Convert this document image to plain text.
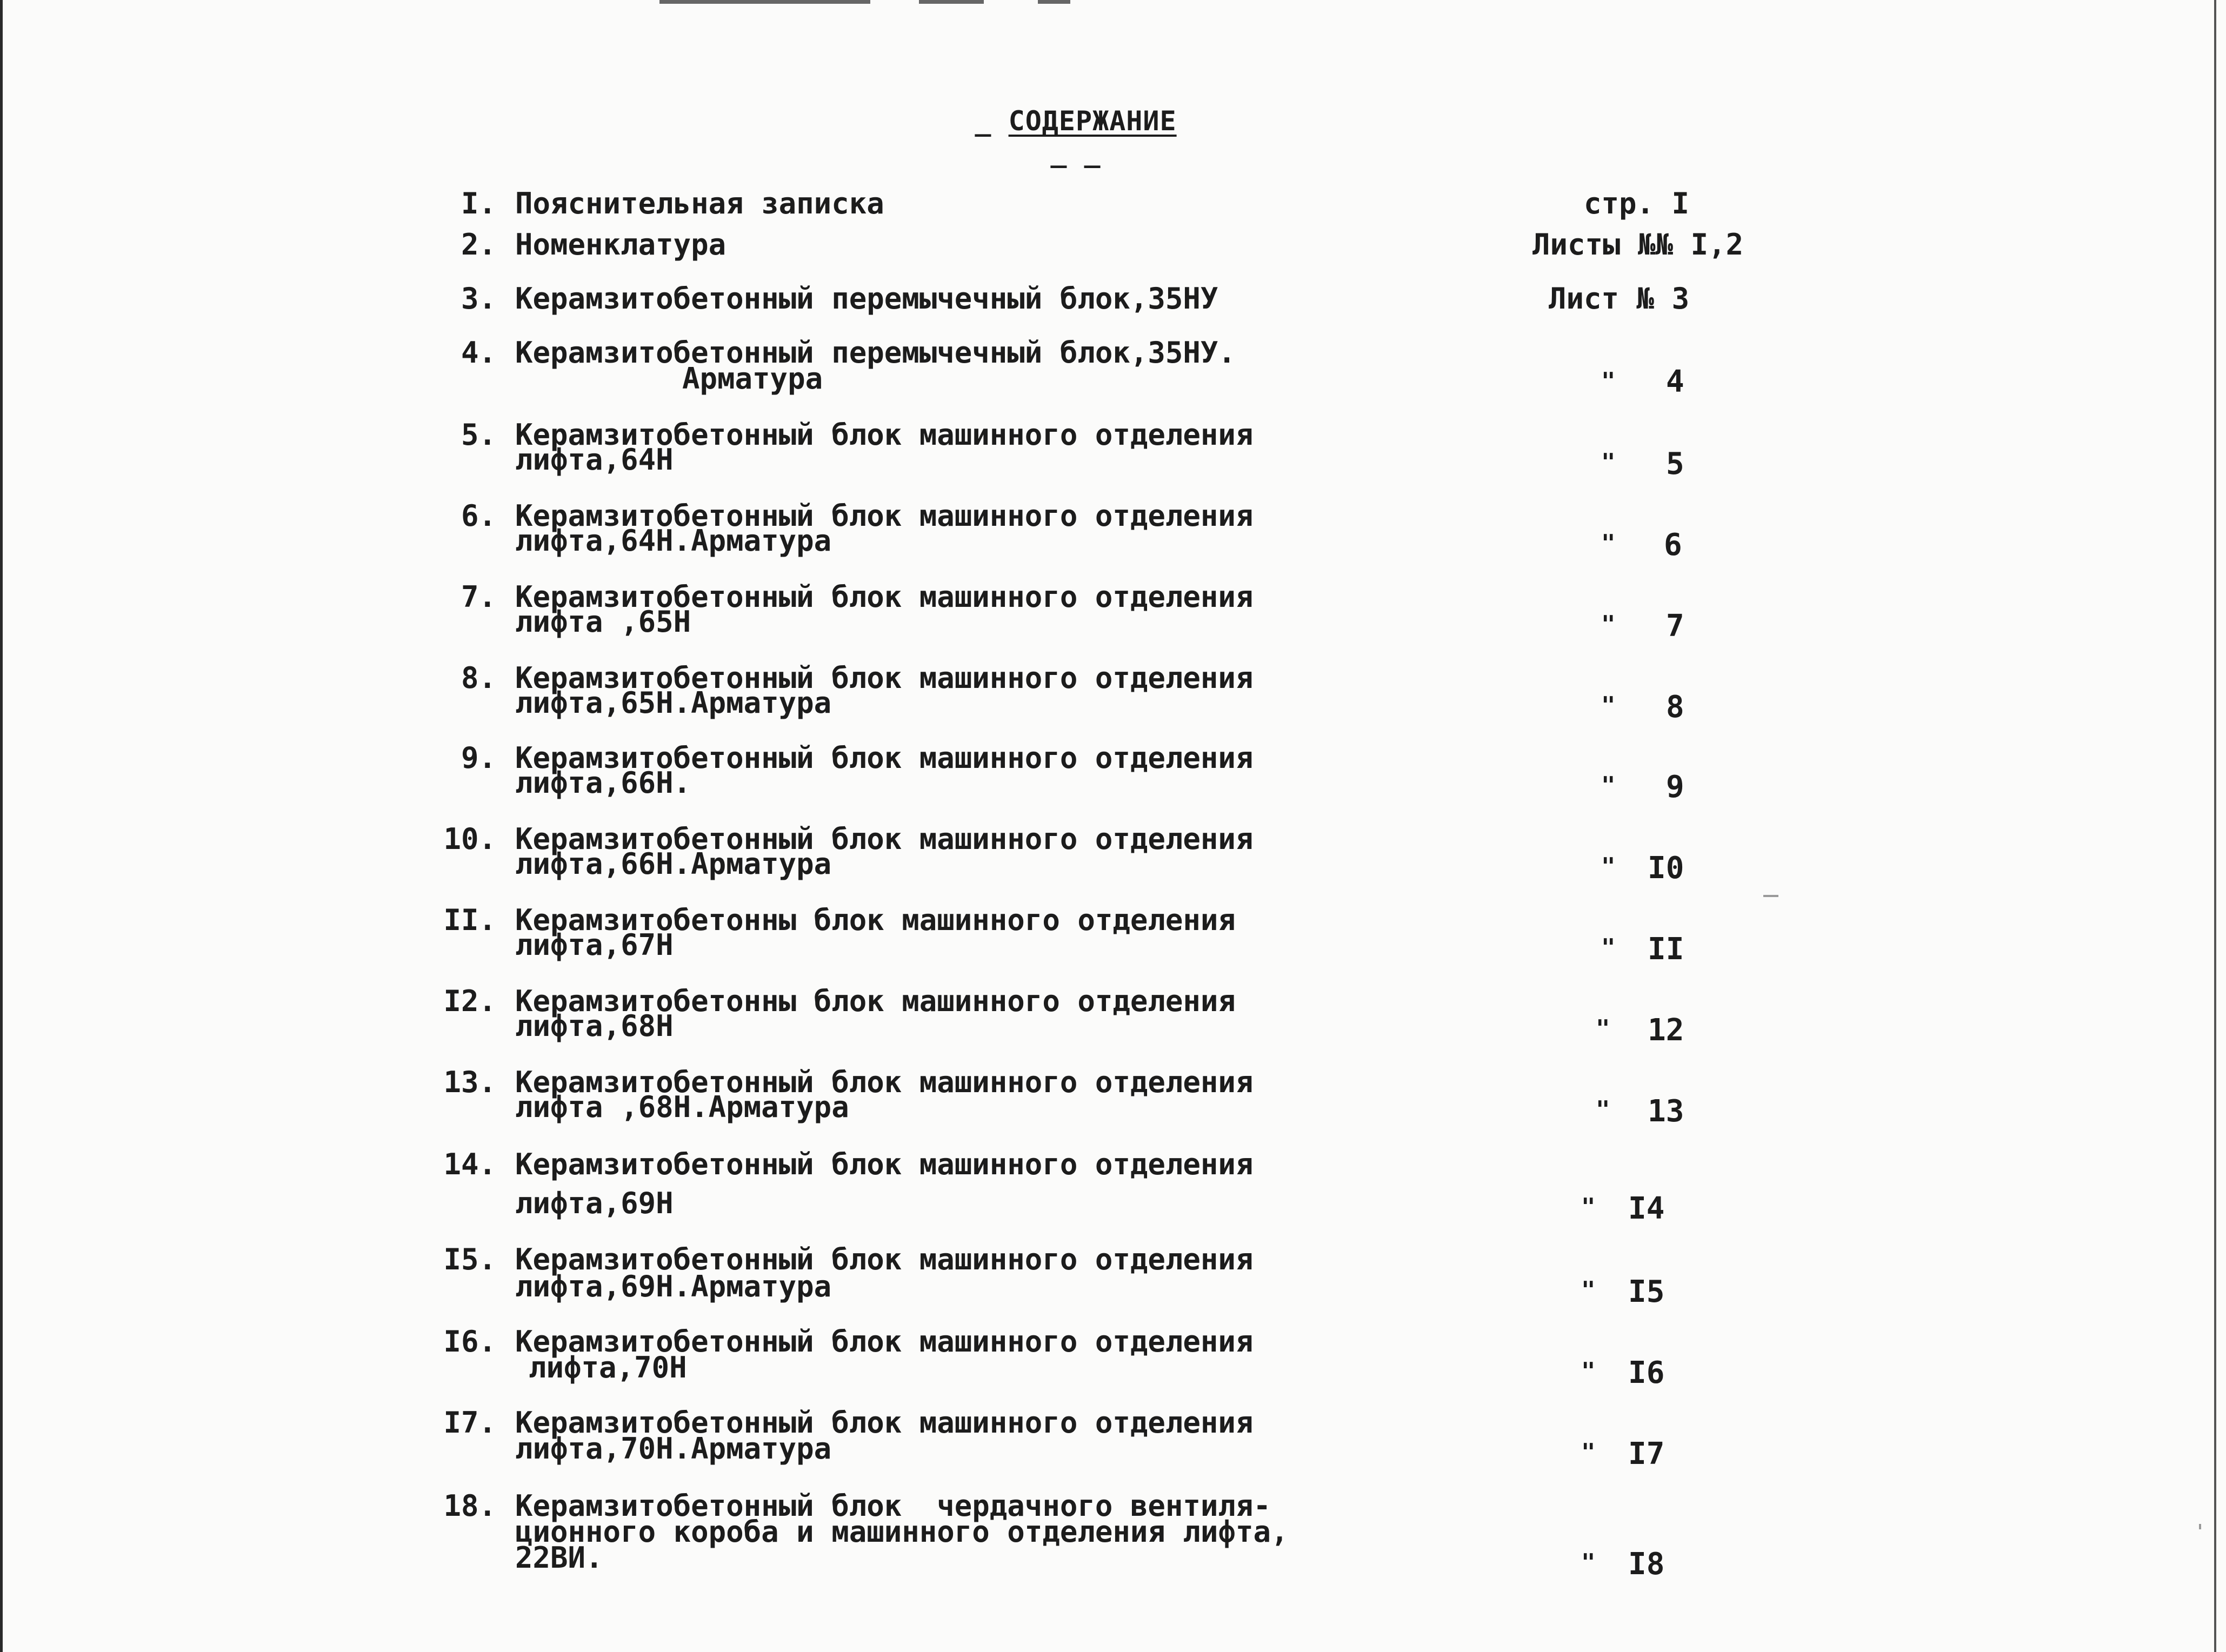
_ СОДЕРЖАНИЕ _ _
I. Пояснительная записка	стр. I
2. Номенклатура	Листы №№ I,2
3. Керамзитобетонный перемычечный блок,35НУ	Лист № 3
4. Керамзитобетонный перемычечный блок,35НУ.
Арматура	" 4
5. Керамзитобетонный блок машинного отделения
лифта,64Н	" 5
6. Керамзитобетонный блок машинного отделения
лифта,64Н.Арматура	" 6
7. Керамзитобетонный блок машинного отделения
лифта ,65Н	" 7
8. Керамзитобетонный блок машинного отделения
лифта,65Н.Арматура	" 8
9. Керамзитобетонный блок машинного отделения
лифта,66Н.	" 9
10. Керамзитобетонный блок машинного отделения
лифта,66Н.Арматура	" I0
II. Керамзитобетонны блок машинного отделения
лифта,67Н	" II
I2. Керамзитобетонны блок машинного отделения
лифта,68Н	" 12
13. Керамзитобетонный блок машинного отделения
лифта ,68Н.Арматура	" 13
14. Керамзитобетонный блок машинного отделения
лифта,69Н	" I4
I5. Керамзитобетонный блок машинного отделения
лифта,69Н.Арматура	" I5
I6. Керамзитобетонный блок машинного отделения
лифта,70Н	" I6
I7. Керамзитобетонный блок машинного отделения
лифта,70Н.Арматура	" I7
18. Керамзитобетонный блок  чердачного вентиля-
ционного короба и машинного отделения лифта,
22ВИ.	" I8
